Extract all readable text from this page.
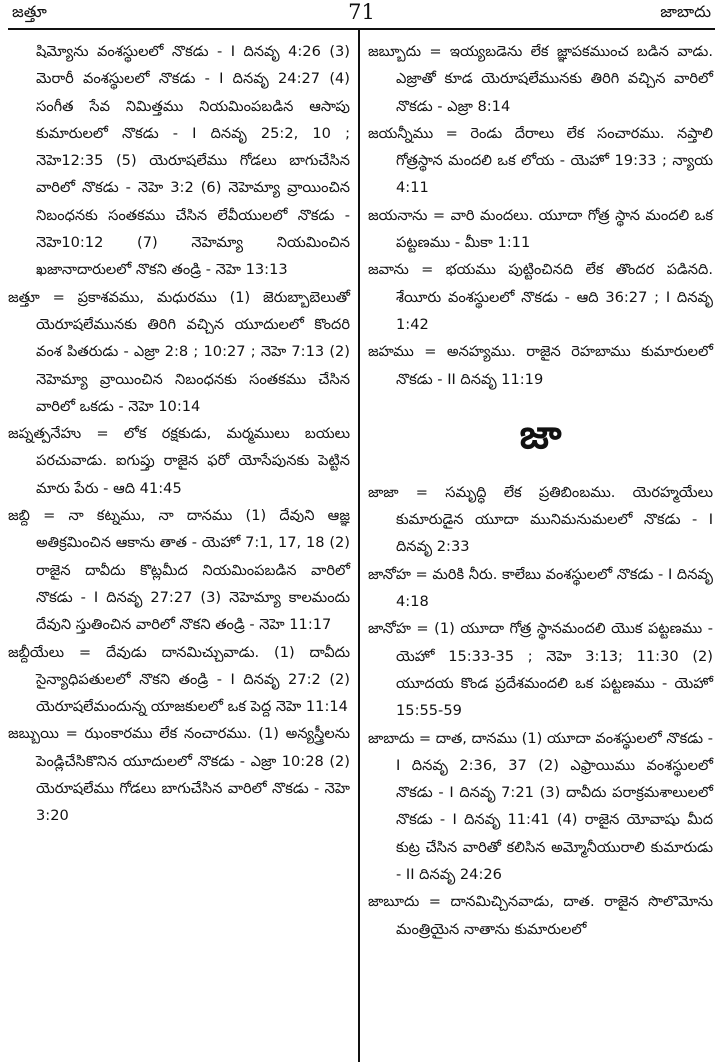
జత్తూ	71	జాబాదు

షిమ్యోను వంశస్థులలో నొకడు - I దినవృ 4:26 (3) మెరారీ వంశస్థులలో నొకడు - I దినవృ 24:27 (4) సంగీత సేవ నిమిత్తము నియమింపబడిన ఆసాపు కుమారులలో నొకడు - I దినవృ 25:2, 10 ; నెహె12:35 (5) యెరూషలేము గోడలు బాగుచేసిన వారిలో నొకడు - నెహె 3:2 (6) నెహెమ్యా వ్రాయించిన నిబంధనకు సంతకము చేసిన లేవీయులలో నొకడు - నెహె10:12 (7) నెహెమ్యా నియమించిన ఖజానాదారులలో నొకని తండ్రి - నెహె 13:13

జత్తూ = ప్రకాశవము, మధురము (1) జెరుబ్బాబెలుతో యెరూషలేమునకు తిరిగి వచ్చిన యూదులలో కొందరి వంశ పితరుడు - ఎజ్రా 2:8 ; 10:27 ; నెహె 7:13 (2) నెహెమ్యా వ్రాయించిన నిబంధనకు సంతకము చేసిన వారిలో ఒకడు - నెహె 10:14

జప్నత్పనేహు = లోక రక్షకుడు, మర్మములు బయలు పరచువాడు. ఐగుప్తు రాజైన ఫరో యోసేపునకు పెట్టిన మారు పేరు - ఆది 41:45

జబ్ది = నా కట్నము, నా దానము (1) దేవుని ఆజ్ఞ అతిక్రమించిన ఆకాను తాత - యెహో 7:1, 17, 18 (2) రాజైన దావీదు కొట్లమీద నియమింపబడిన వారిలో నొకడు - I దినవృ 27:27 (3) నెహెమ్యా కాలమందు దేవుని స్తుతించిన వారిలో నొకని తండ్రి - నెహె 11:17

జబ్దీయేలు = దేవుడు దానమిచ్చువాడు. (1) దావీదు సైన్యాధిపతులలో నొకని తండ్రి - I దినవృ 27:2 (2) యెరూషలేమందున్న యాజకులలో ఒక పెద్ద నెహె 11:14

జబ్బుయి = ఝంకారము లేక నంచారము. (1) అన్యస్త్రీలను పెండ్లిచేసికొనిన యూదులలో నొకడు - ఎజ్రా 10:28 (2) యెరూషలేము గోడలు బాగుచేసిన వారిలో నొకడు - నెహె 3:20

జబ్బూదు = ఇయ్యబడెను లేక జ్ఞాపకముంచ బడిన వాడు. ఎజ్రాతో కూడ యెరూషలేమునకు తిరిగి వచ్చిన వారిలో నొకడు - ఎజ్రా 8:14

జయన్నీము = రెండు దేరాలు లేక సంచారము. నప్తాలి గోత్రస్థాన మందలి ఒక లోయ - యెహో 19:33 ; న్యాయ 4:11

జయనాను = వారి మందలు. యూదా గోత్ర స్థాన మందలి ఒక పట్టణము - మీకా 1:11

జవాను = భయము పుట్టించినది లేక తొందర పడినది. శేయీరు వంశస్థులలో నొకడు - ఆది 36:27 ; I దినవృ 1:42

జహము = అనహ్యము. రాజైన రెహబాము కుమారులలో నొకడు - II దినవృ 11:19

జా

జాజా = సమృద్ధి లేక ప్రతిబింబము. యెరహ్మయేలు కుమారుడైన యూదా మునిమనుమలలో నొకడు - I దినవృ 2:33

జానోహ = మరికి నీరు. కాలేబు వంశస్థులలో నొకడు - I దినవృ 4:18

జానోహ = (1) యూదా గోత్ర స్థానమందలి యొక పట్టణము - యెహో 15:33-35 ; నెహె 3:13; 11:30 (2) యూదయ కొండ ప్రదేశమందలి ఒక పట్టణము - యెహో 15:55-59

జాబాదు = దాత, దానము (1) యూదా వంశస్థులలో నొకడు - I దినవృ 2:36, 37 (2) ఎఫ్రాయిము వంశస్థులలో నొకడు - I దినవృ 7:21 (3) దావీదు పరాక్రమశాలులలో నొకడు - I దినవృ 11:41 (4) రాజైన యోవాషు మీద కుట్ర చేసిన వారితో కలిసిన అమ్మోనీయురాలి కుమారుడు - II దినవృ 24:26

జాబూదు = దానమిచ్చినవాడు, దాత. రాజైన సొలొమోను మంత్రియైన నాతాను కుమారులలో
